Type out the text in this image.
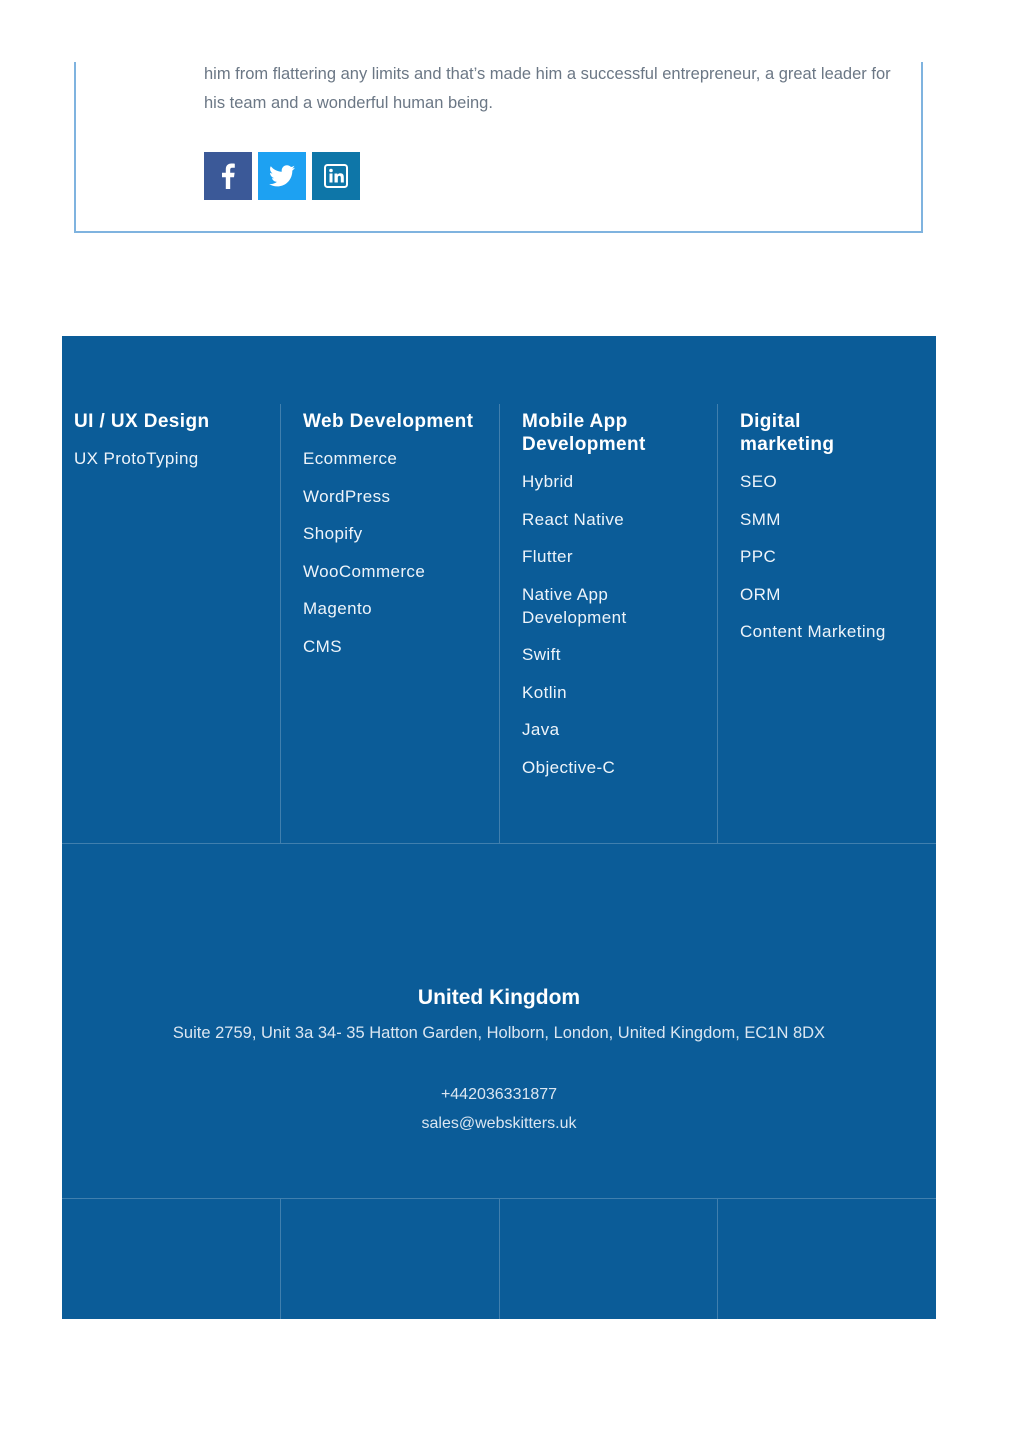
him from flattering any limits and that’s made him a successful entrepreneur, a great leader for his team and a wonderful human being.

UI / UX Design
UX ProtoTyping
Web Development
Ecommerce
WordPress
Shopify
WooCommerce
Magento
CMS
Mobile App Development
Hybrid
React Native
Flutter
Native App Development
Swift
Kotlin
Java
Objective-C
Digital marketing
SEO
SMM
PPC
ORM
Content Marketing
United Kingdom
Suite 2759, Unit 3a 34- 35 Hatton Garden, Holborn, London, United Kingdom, EC1N 8DX
+442036331877
sales@webskitters.uk
